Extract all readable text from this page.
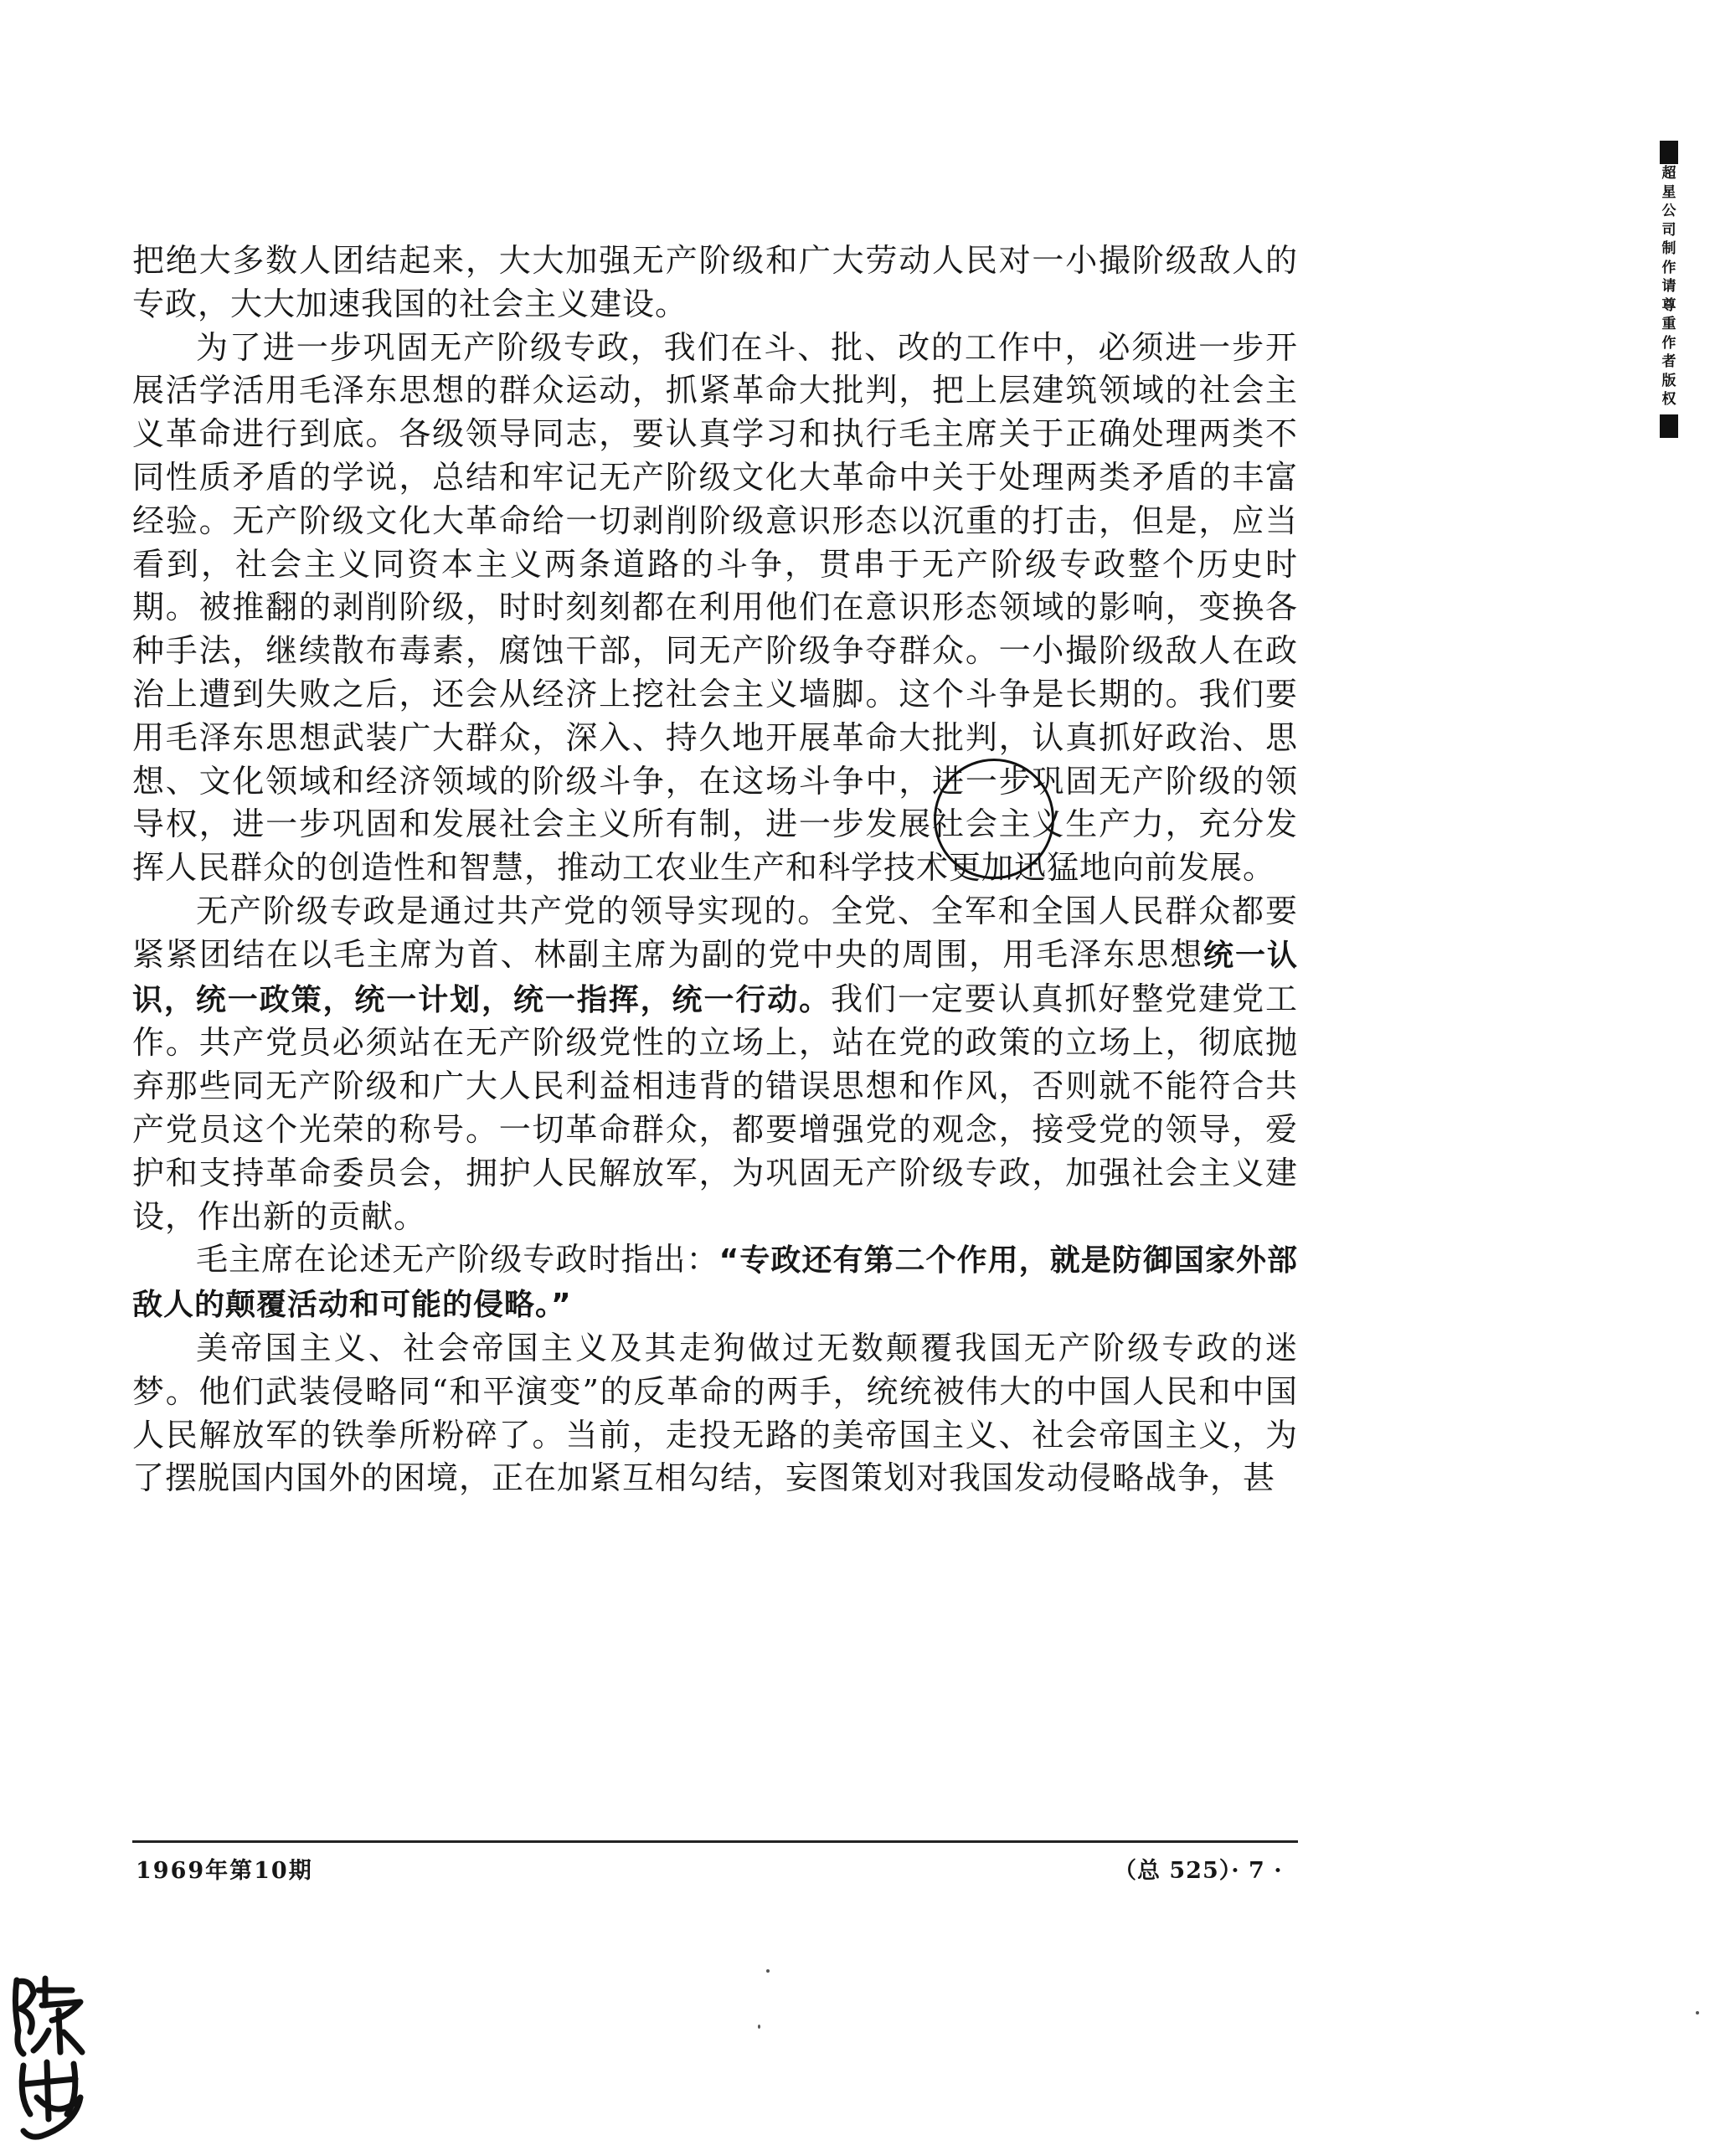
超星公司制作请尊重作者版权

把绝大多数人团结起来，大大加强无产阶级和广大劳动人民对一小撮阶级敌人的专政，大大加速我国的社会主义建设。

为了进一步巩固无产阶级专政，我们在斗、批、改的工作中，必须进一步开展活学活用毛泽东思想的群众运动，抓紧革命大批判，把上层建筑领域的社会主义革命进行到底。各级领导同志，要认真学习和执行毛主席关于正确处理两类不同性质矛盾的学说，总结和牢记无产阶级文化大革命中关于处理两类矛盾的丰富经验。无产阶级文化大革命给一切剥削阶级意识形态以沉重的打击，但是，应当看到，社会主义同资本主义两条道路的斗争，贯串于无产阶级专政整个历史时期。被推翻的剥削阶级，时时刻刻都在利用他们在意识形态领域的影响，变换各种手法，继续散布毒素，腐蚀干部，同无产阶级争夺群众。一小撮阶级敌人在政治上遭到失败之后，还会从经济上挖社会主义墙脚。这个斗争是长期的。我们要用毛泽东思想武装广大群众，深入、持久地开展革命大批判，认真抓好政治、思想、文化领域和经济领域的阶级斗争，在这场斗争中，进一步巩固无产阶级的领导权，进一步巩固和发展社会主义所有制，进一步发展社会主义生产力，充分发挥人民群众的创造性和智慧，推动工农业生产和科学技术更加迅猛地向前发展。

无产阶级专政是通过共产党的领导实现的。全党、全军和全国人民群众都要紧紧团结在以毛主席为首、林副主席为副的党中央的周围，用毛泽东思想统一认识，统一政策，统一计划，统一指挥，统一行动。我们一定要认真抓好整党建党工作。共产党员必须站在无产阶级党性的立场上，站在党的政策的立场上，彻底抛弃那些同无产阶级和广大人民利益相违背的错误思想和作风，否则就不能符合共产党员这个光荣的称号。一切革命群众，都要增强党的观念，接受党的领导，爱护和支持革命委员会，拥护人民解放军，为巩固无产阶级专政，加强社会主义建设，作出新的贡献。

毛主席在论述无产阶级专政时指出：“专政还有第二个作用，就是防御国家外部敌人的颠覆活动和可能的侵略。”

美帝国主义、社会帝国主义及其走狗做过无数颠覆我国无产阶级专政的迷梦。他们武装侵略同“和平演变”的反革命的两手，统统被伟大的中国人民和中国人民解放军的铁拳所粉碎了。当前，走投无路的美帝国主义、社会帝国主义，为了摆脱国内国外的困境，正在加紧互相勾结，妄图策划对我国发动侵略战争，甚

1969年第10期	（总 525）· 7 ·
